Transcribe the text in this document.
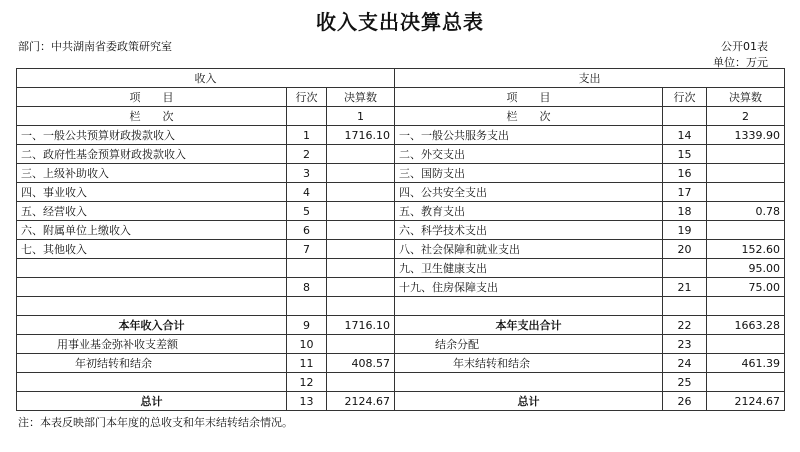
收入支出决算总表
部门：中共湖南省委政策研究室	公开01表
单位：万元
收入			支出		
项　　目	行次	决算数	项　　目	行次	决算数
栏　　次		1	栏　　次		2
一、一般公共预算财政拨款收入	1	1716.10	一、一般公共服务支出	14	1339.90
二、政府性基金预算财政拨款收入	2		二、外交支出	15	
三、上级补助收入	3		三、国防支出	16	
四、事业收入	4		四、公共安全支出	17	
五、经营收入	5		五、教育支出	18	0.78
六、附属单位上缴收入	6		六、科学技术支出	19	
七、其他收入	7		八、社会保障和就业支出	20	152.60
			九、卫生健康支出		95.00
	8		十九、住房保障支出	21	75.00

本年收入合计	9	1716.10	本年支出合计	22	1663.28
用事业基金弥补收支差额	10		结余分配	23	
年初结转和结余	11	408.57	年末结转和结余	24	461.39
	12			25	
总计	13	2124.67	总计	26	2124.67
注：本表反映部门本年度的总收支和年末结转结余情况。
